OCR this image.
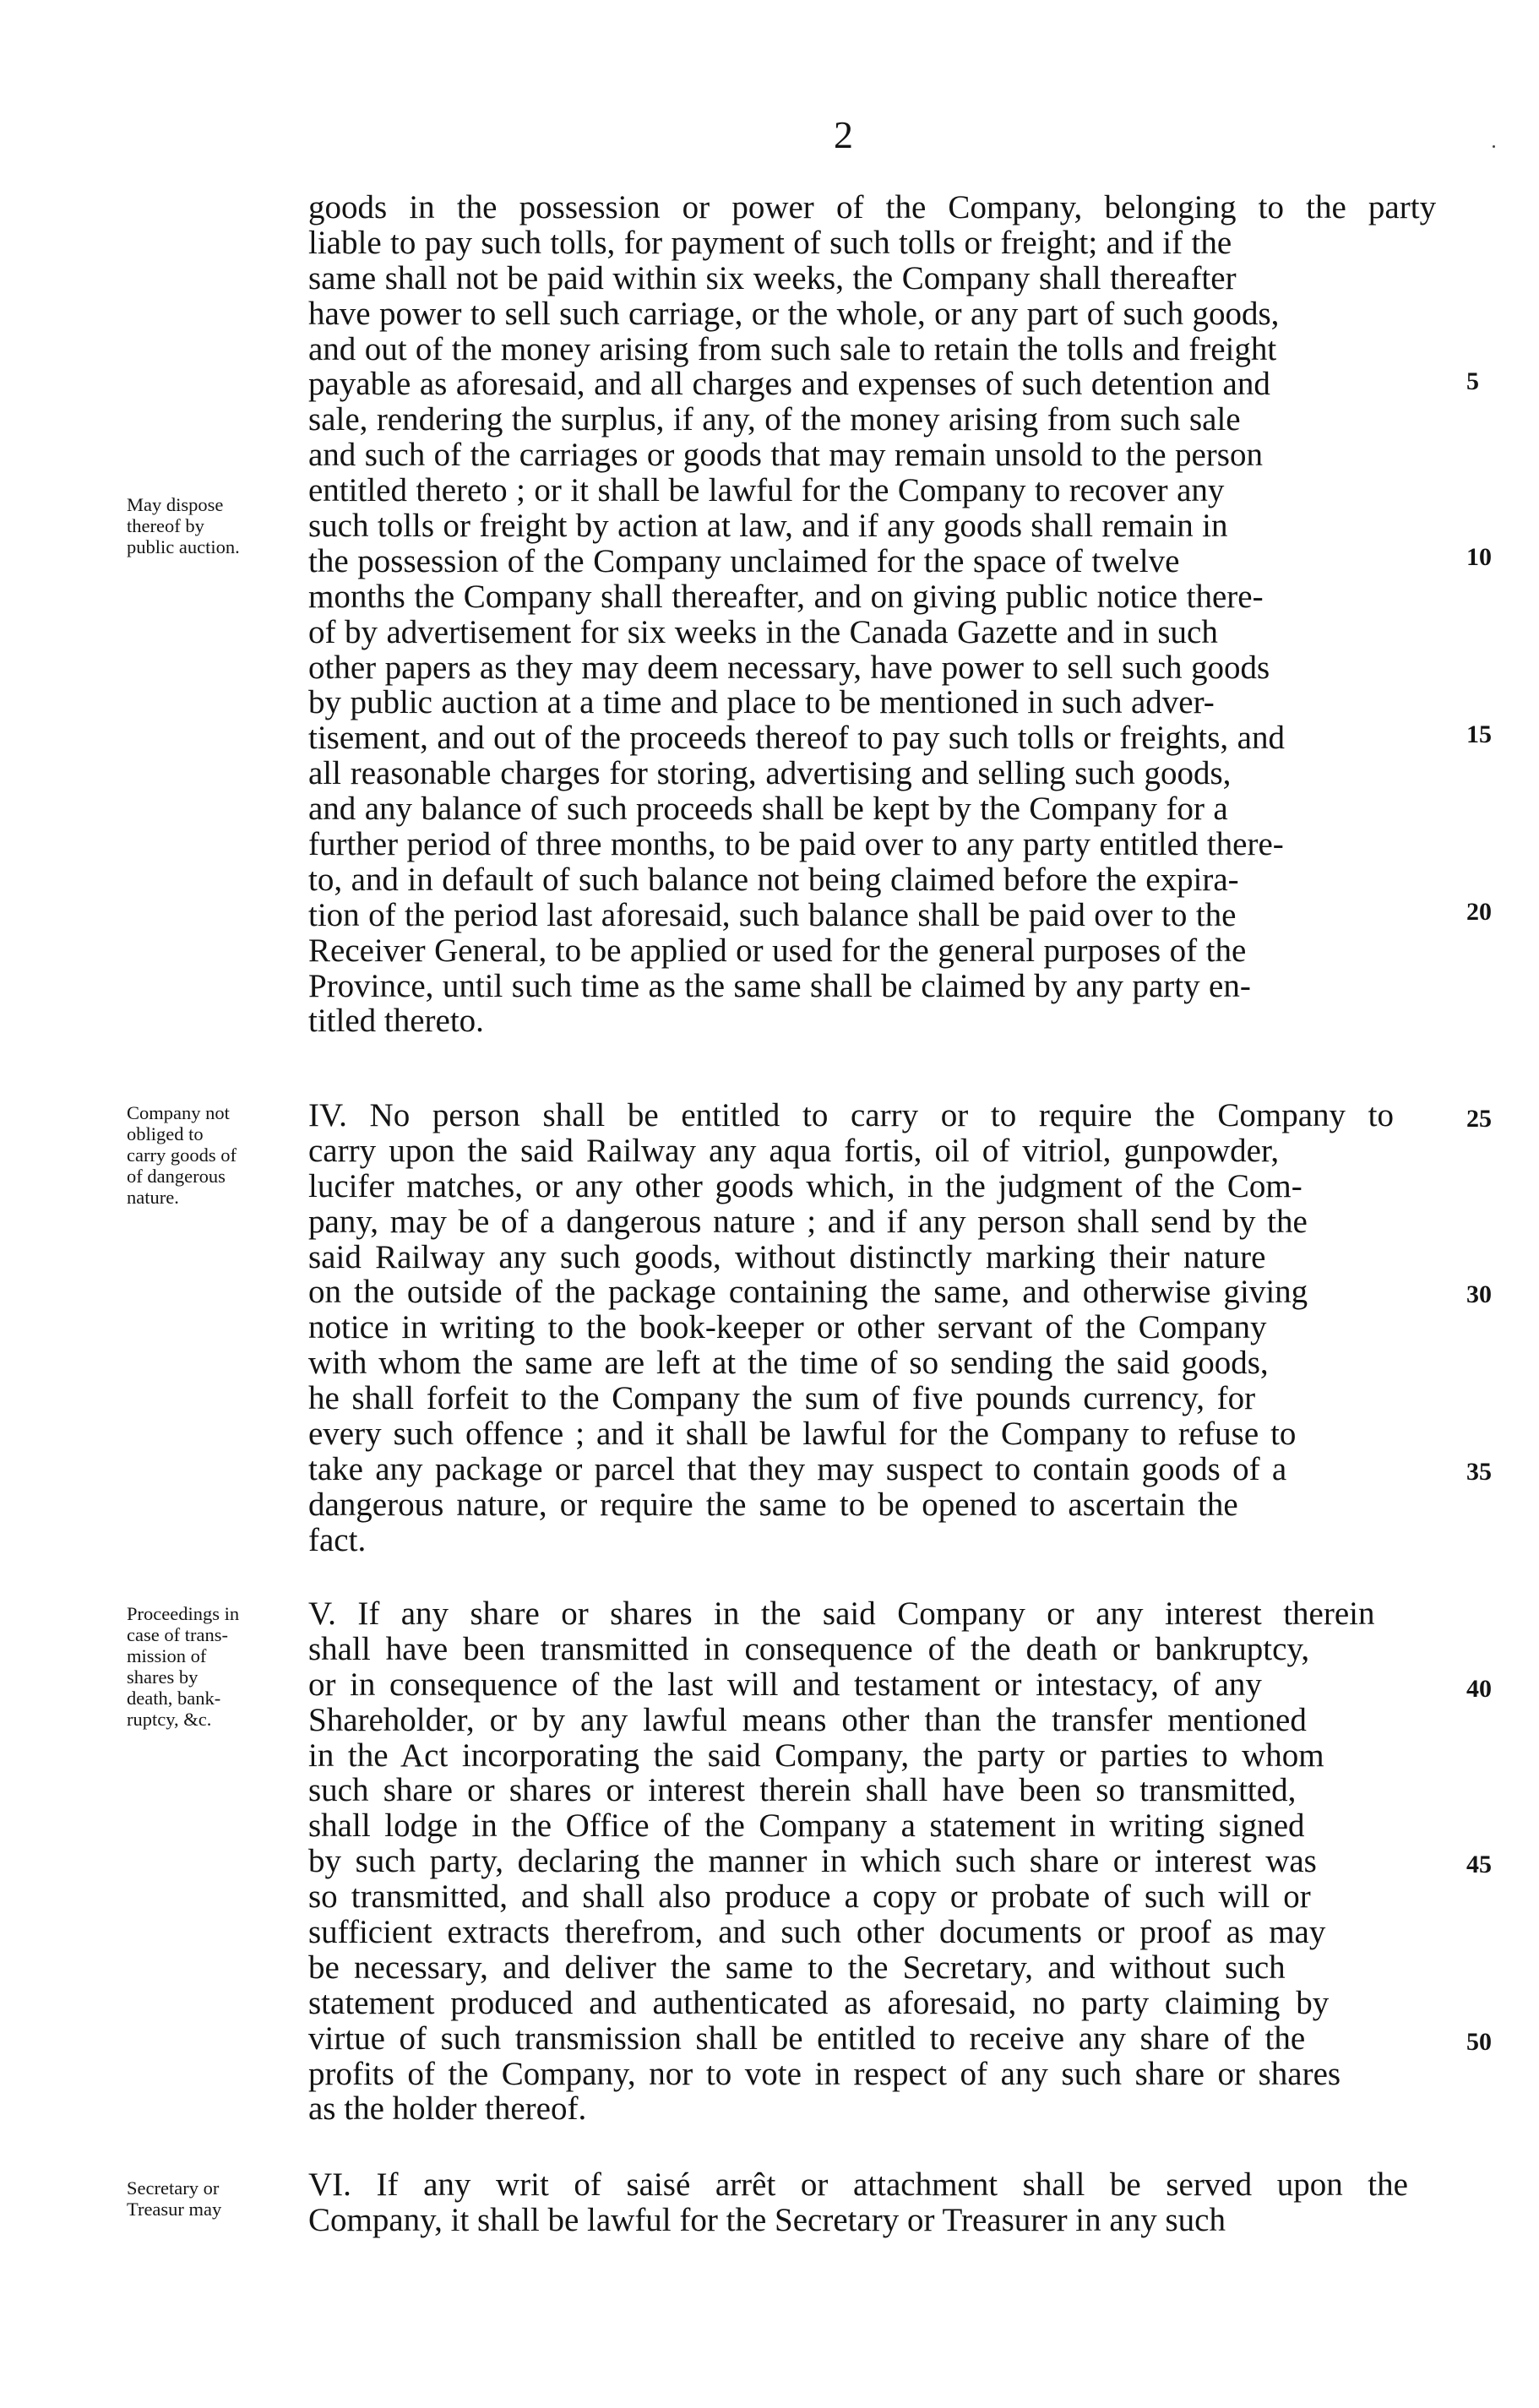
2
goods in the possession or power of the Company, belonging to the party
liable to pay such tolls, for payment of such tolls or freight; and if the
same shall not be paid within six weeks, the Company shall thereafter
have power to sell such carriage, or the whole, or any part of such goods,
and out of the money arising from such sale to retain the tolls and freight
payable as aforesaid, and all charges and expenses of such detention and
sale, rendering the surplus, if any, of the money arising from such sale
and such of the carriages or goods that may remain unsold to the person
entitled thereto ; or it shall be lawful for the Company to recover any
such tolls or freight by action at law, and if any goods shall remain in
the possession of the Company unclaimed for the space of twelve
months the Company shall thereafter, and on giving public notice there-
of by advertisement for six weeks in the Canada Gazette and in such
other papers as they may deem necessary, have power to sell such goods
by public auction at a time and place to be mentioned in such adver-
tisement, and out of the proceeds thereof to pay such tolls or freights, and
all reasonable charges for storing, advertising and selling such goods,
and any balance of such proceeds shall be kept by the Company for a
further period of three months, to be paid over to any party entitled there-
to, and in default of such balance not being claimed before the expira-
tion of the period last aforesaid, such balance shall be paid over to the
Receiver General, to be applied or used for the general purposes of the
Province, until such time as the same shall be claimed by any party en-
titled thereto.
May dispose
thereof by
public auction.
IV. No person shall be entitled to carry or to require the Company to
carry upon the said Railway any aqua fortis, oil of vitriol, gunpowder,
lucifer matches, or any other goods which, in the judgment of the Com-
pany, may be of a dangerous nature ; and if any person shall send by the
said Railway any such goods, without distinctly marking their nature
on the outside of the package containing the same, and otherwise giving
notice in writing to the book-keeper or other servant of the Company
with whom the same are left at the time of so sending the said goods,
he shall forfeit to the Company the sum of five pounds currency, for
every such offence ; and it shall be lawful for the Company to refuse to
take any package or parcel that they may suspect to contain goods of a
dangerous nature, or require the same to be opened to ascertain the
fact.
Company not
obliged to
carry goods of
of dangerous
nature.
V. If any share or shares in the said Company or any interest therein
shall have been transmitted in consequence of the death or bankruptcy,
or in consequence of the last will and testament or intestacy, of any
Shareholder, or by any lawful means other than the transfer mentioned
in the Act incorporating the said Company, the party or parties to whom
such share or shares or interest therein shall have been so transmitted,
shall lodge in the Office of the Company a statement in writing signed
by such party, declaring the manner in which such share or interest was
so transmitted, and shall also produce a copy or probate of such will or
sufficient extracts therefrom, and such other documents or proof as may
be necessary, and deliver the same to the Secretary, and without such
statement produced and authenticated as aforesaid, no party claiming by
virtue of such transmission shall be entitled to receive any share of the
profits of the Company, nor to vote in respect of any such share or shares
as the holder thereof.
Proceedings in
case of trans-
mission of
shares by
death, bank-
ruptcy, &c.
VI. If any writ of saisé arrêt or attachment shall be served upon the
Company, it shall be lawful for the Secretary or Treasurer in any such
Secretary or
Treasur may
5
10
15
20
25
30
35
40
45
50
